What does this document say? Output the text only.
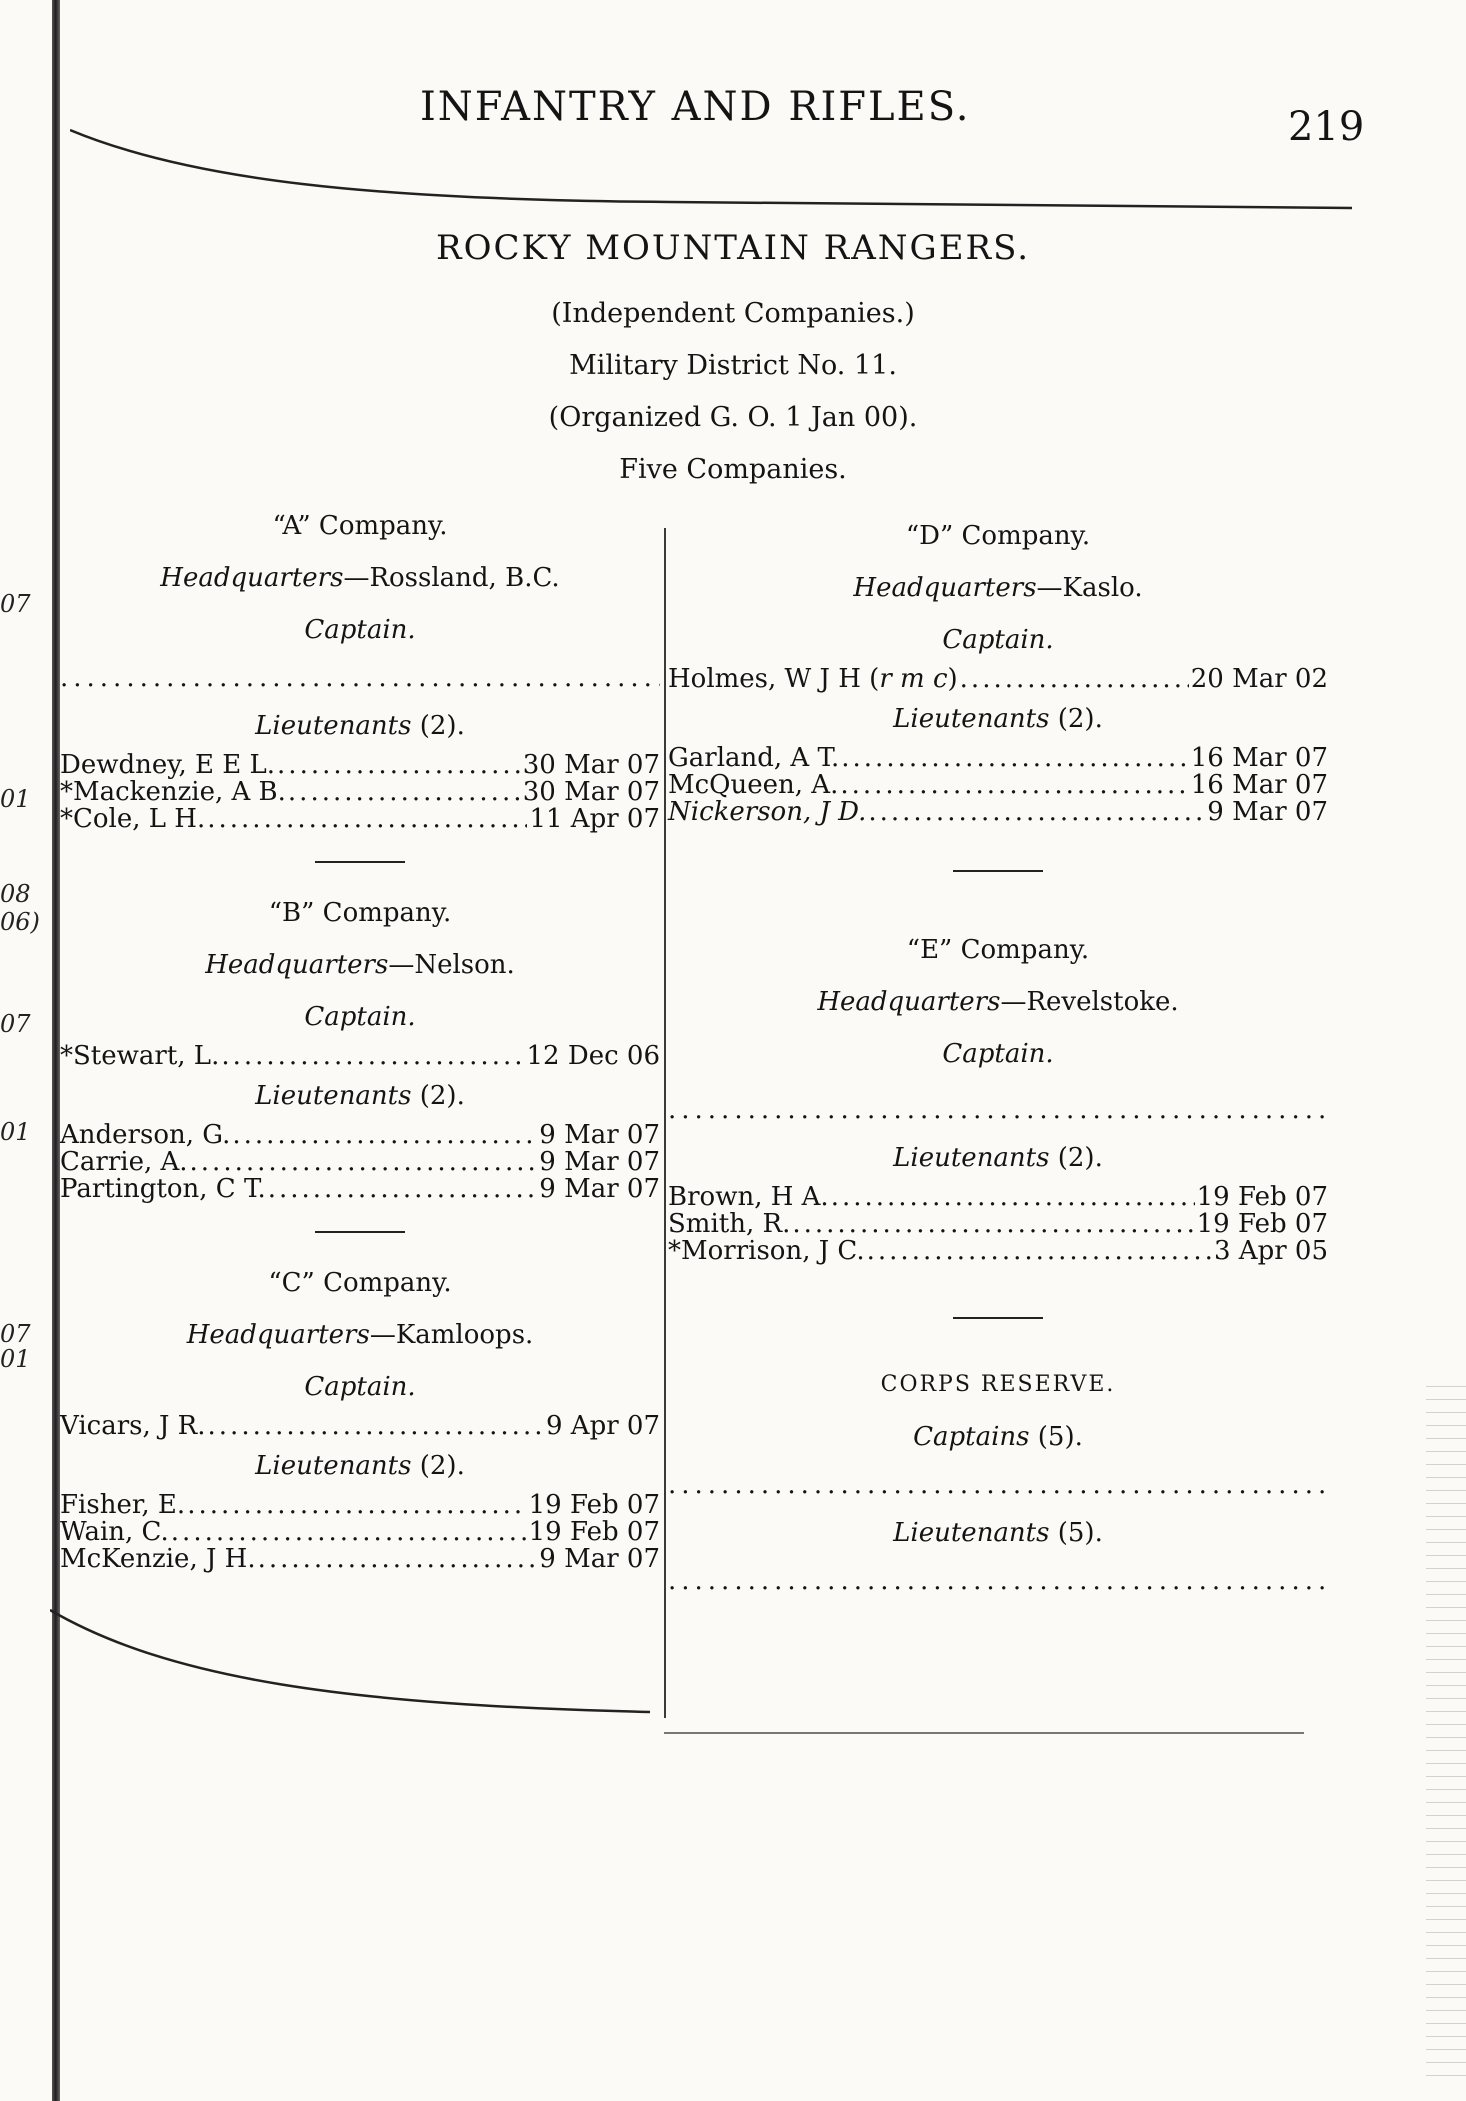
07
01
08
06)
07
01
07
01
INFANTRY AND RIFLES.	219
ROCKY MOUNTAIN RANGERS.
(Independent Companies.)
Military District No. 11.
(Organized G. O. 1 Jan 00).
Five Companies.
“A” Company.
Headquarters—Rossland, B.C.
Captain.
.....
Lieutenants (2).
Dewdney, E E L. .....	30 Mar 07
*Mackenzie, A B. .....	30 Mar 07
*Cole, L H. .....	11 Apr 07
“B” Company.
Headquarters—Nelson.
Captain.
*Stewart, L. .....	12 Dec 06
Lieutenants (2).
Anderson, G. .....	9 Mar 07
Carrie, A. .....	9 Mar 07
Partington, C T. .....	9 Mar 07
“C” Company.
Headquarters—Kamloops.
Captain.
Vicars, J R. .....	9 Apr 07
Lieutenants (2).
Fisher, E. .....	19 Feb 07
Wain, C. .....	19 Feb 07
McKenzie, J H. .....	9 Mar 07
“D” Company.
Headquarters—Kaslo.
Captain.
Holmes, W J H (r m c) .....	20 Mar 02
Lieutenants (2).
Garland, A T. .....	16 Mar 07
McQueen, A. .....	16 Mar 07
Nickerson, J D. .....	9 Mar 07
“E” Company.
Headquarters—Revelstoke.
Captain.
.....
Lieutenants (2).
Brown, H A. .....	19 Feb 07
Smith, R. .....	19 Feb 07
*Morrison, J C. .....	3 Apr 05
CORPS RESERVE.
Captains (5).
.....
Lieutenants (5).
.....
